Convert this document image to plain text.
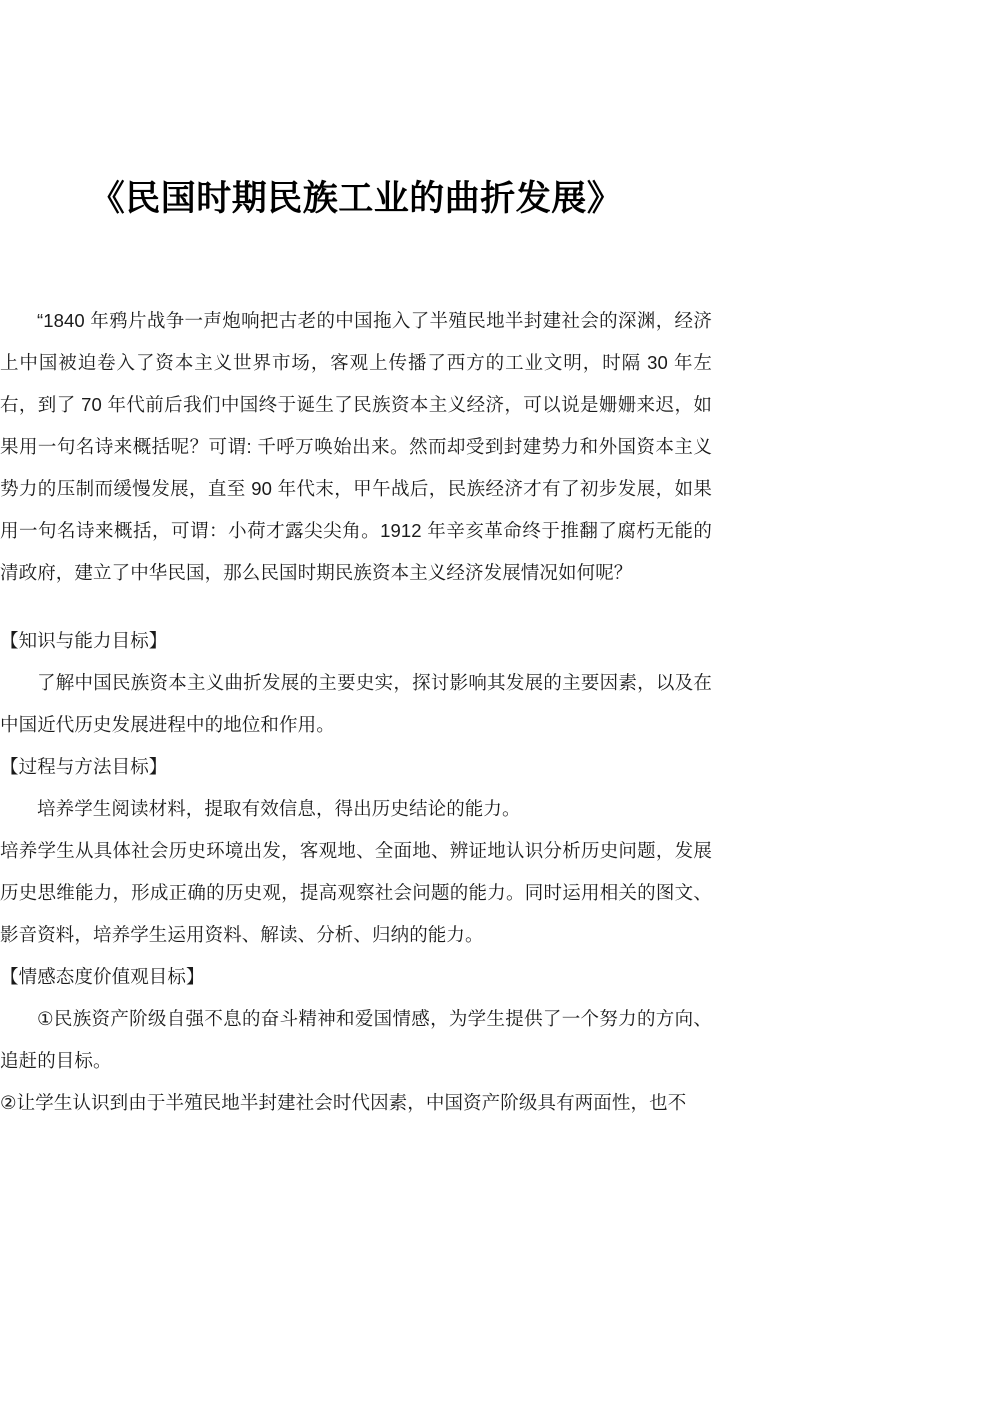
《民国时期民族工业的曲折发展》

“1840 年鸦片战争一声炮响把古老的中国拖入了半殖民地半封建社会的深渊，经济上中国被迫卷入了资本主义世界市场，客观上传播了西方的工业文明，时隔 30 年左右，到了 70 年代前后我们中国终于诞生了民族资本主义经济，可以说是姗姗来迟，如果用一句名诗来概括呢？可谓: 千呼万唤始出来。然而却受到封建势力和外国资本主义势力的压制而缓慢发展，直至 90 年代末，甲午战后，民族经济才有了初步发展，如果用一句名诗来概括，可谓：小荷才露尖尖角。1912 年辛亥革命终于推翻了腐朽无能的清政府，建立了中华民国，那么民国时期民族资本主义经济发展情况如何呢？

【知识与能力目标】

了解中国民族资本主义曲折发展的主要史实，探讨影响其发展的主要因素，以及在中国近代历史发展进程中的地位和作用。

【过程与方法目标】

培养学生阅读材料，提取有效信息，得出历史结论的能力。

培养学生从具体社会历史环境出发，客观地、全面地、辨证地认识分析历史问题，发展历史思维能力，形成正确的历史观，提高观察社会问题的能力。同时运用相关的图文、影音资料，培养学生运用资料、解读、分析、归纳的能力。

【情感态度价值观目标】

①民族资产阶级自强不息的奋斗精神和爱国情感，为学生提供了一个努力的方向、追赶的目标。

②让学生认识到由于半殖民地半封建社会时代因素，中国资产阶级具有两面性，也不
